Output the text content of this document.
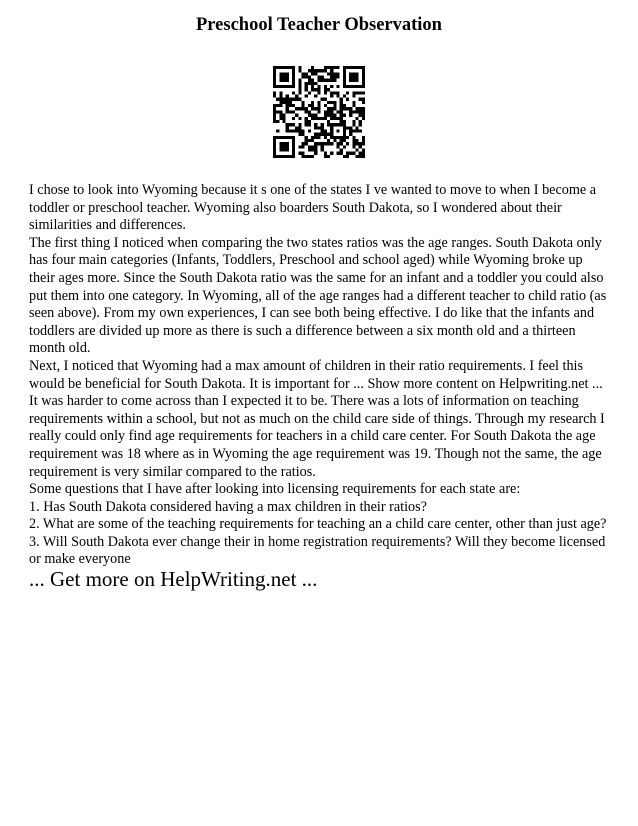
Preschool Teacher Observation

I chose to look into Wyoming because it s one of the states I ve wanted to move to when I become a toddler or preschool teacher. Wyoming also boarders South Dakota, so I wondered about their similarities and differences.

The first thing I noticed when comparing the two states ratios was the age ranges. South Dakota only has four main categories (Infants, Toddlers, Preschool and school aged) while Wyoming broke up their ages more. Since the South Dakota ratio was the same for an infant and a toddler you could also put them into one category. In Wyoming, all of the age ranges had a different teacher to child ratio (as seen above). From my own experiences, I can see both being effective. I do like that the infants and toddlers are divided up more as there is such a difference between a six month old and a thirteen month old.

Next, I noticed that Wyoming had a max amount of children in their ratio requirements. I feel this would be beneficial for South Dakota. It is important for ... Show more content on Helpwriting.net ...

It was harder to come across than I expected it to be. There was a lots of information on teaching requirements within a school, but not as much on the child care side of things. Through my research I really could only find age requirements for teachers in a child care center. For South Dakota the age requirement was 18 where as in Wyoming the age requirement was 19. Though not the same, the age requirement is very similar compared to the ratios.

Some questions that I have after looking into licensing requirements for each state are:

1. Has South Dakota considered having a max children in their ratios?

2. What are some of the teaching requirements for teaching an a child care center, other than just age?

3. Will South Dakota ever change their in home registration requirements? Will they become licensed or make everyone

... Get more on HelpWriting.net ...
